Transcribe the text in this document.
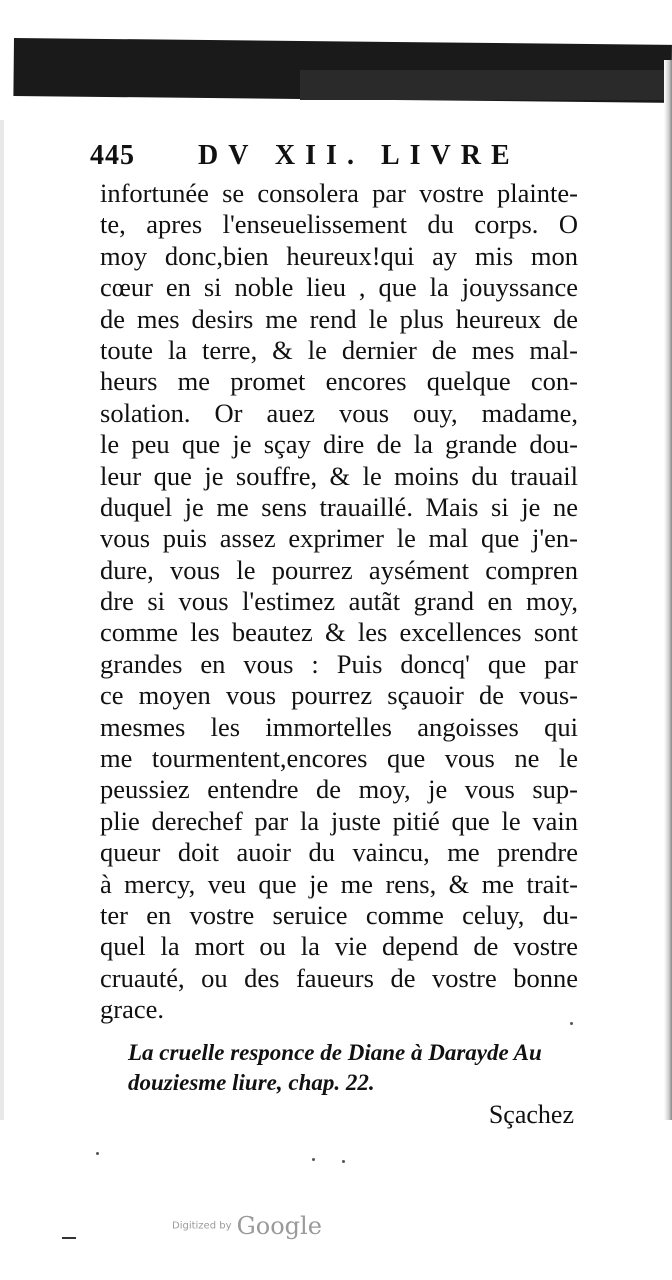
445 DV XII. LIVRE
infortunée se consolera par vostre plainte-
te, apres l'enseuelissement du corps. O
moy donc,bien heureux!qui ay mis mon
cœur en si noble lieu , que la jouyssance
de mes desirs me rend le plus heureux de
toute la terre, & le dernier de mes mal-
heurs me promet encores quelque con-
solation. Or auez vous ouy, madame,
le peu que je sçay dire de la grande dou-
leur que je souffre, & le moins du trauail
duquel je me sens trauaillé. Mais si je ne
vous puis assez exprimer le mal que j'en-
dure, vous le pourrez aysément compren
dre si vous l'estimez autãt grand en moy,
comme les beautez & les excellences sont
grandes en vous : Puis doncq' que par
ce moyen vous pourrez sçauoir de vous-
mesmes les immortelles angoisses qui
me tourmentent,encores que vous ne le
peussiez entendre de moy, je vous sup-
plie derechef par la juste pitié que le vain
queur doit auoir du vaincu, me prendre
à mercy, veu que je me rens, & me trait-
ter en vostre seruice comme celuy, du-
quel la mort ou la vie depend de vostre
cruauté, ou des faueurs de vostre bonne
grace.
La cruelle responce de Diane à Darayde Au
douziesme liure, chap. 22.
Sçachez
Digitized by Google
